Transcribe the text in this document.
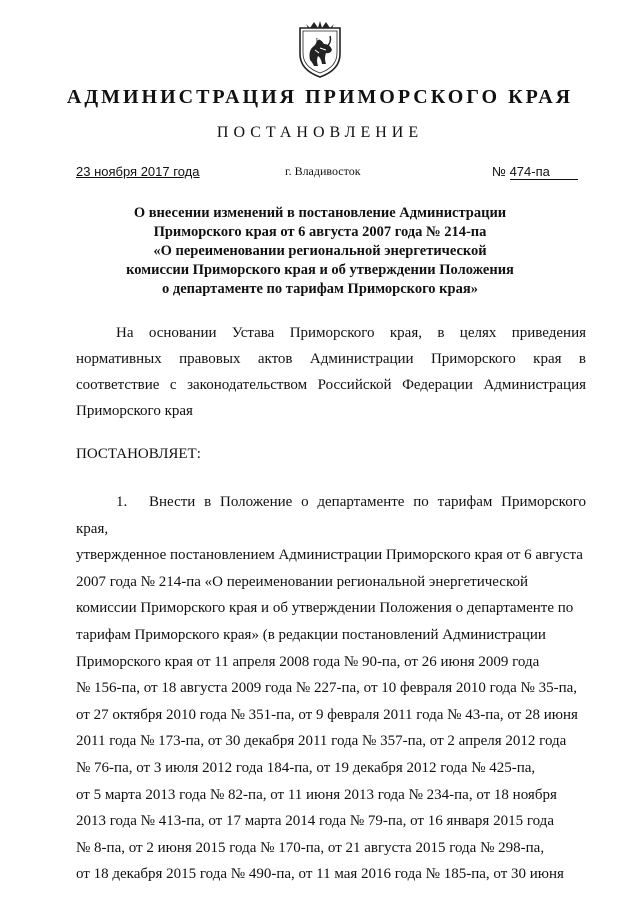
АДМИНИСТРАЦИЯ ПРИМОРСКОГО КРАЯ
ПОСТАНОВЛЕНИЕ
23 ноября 2017 года	г. Владивосток	№ 474-па
О внесении изменений в постановление Администрации
Приморского края от 6 августа 2007 года № 214-па
«О переименовании региональной энергетической
комиссии Приморского края и об утверждении Положения
о департаменте по тарифам Приморского края»
На основании Устава Приморского края, в целях приведения нормативных правовых актов Администрации Приморского края в соответствие с законодательством Российской Федерации Администрация Приморского края
ПОСТАНОВЛЯЕТ:
1. Внести в Положение о департаменте по тарифам Приморского края,
утвержденное постановлением Администрации Приморского края от 6 августа
2007 года № 214-па «О переименовании региональной энергетической
комиссии Приморского края и об утверждении Положения о департаменте по
тарифам Приморского края» (в редакции постановлений Администрации
Приморского края от 11 апреля 2008 года № 90-па, от 26 июня 2009 года
№ 156-па, от 18 августа 2009 года № 227-па, от 10 февраля 2010 года № 35-па,
от 27 октября 2010 года № 351-па, от 9 февраля 2011 года № 43-па, от 28 июня
2011 года № 173-па, от 30 декабря 2011 года № 357-па, от 2 апреля 2012 года
№ 76-па, от 3 июля 2012 года 184-па, от 19 декабря 2012 года № 425-па,
от 5 марта 2013 года № 82-па, от 11 июня 2013 года № 234-па, от 18 ноября
2013 года № 413-па, от 17 марта 2014 года № 79-па, от 16 января 2015 года
№ 8-па, от 2 июня 2015 года № 170-па, от 21 августа 2015 года № 298-па,
от 18 декабря 2015 года № 490-па, от 11 мая 2016 года № 185-па, от 30 июня
